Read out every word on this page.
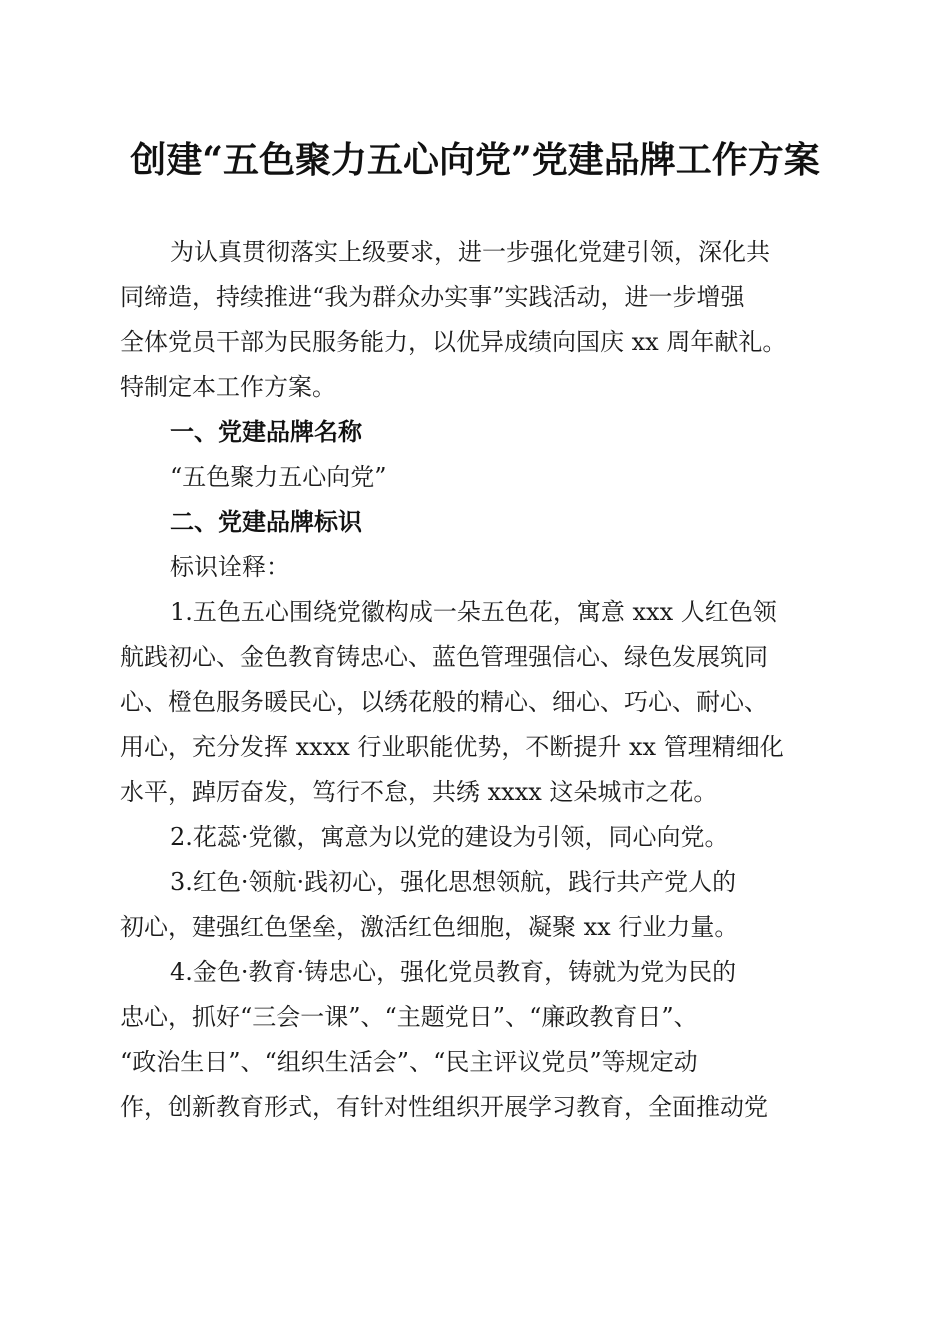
创建“五色聚力五心向党”党建品牌工作方案
为认真贯彻落实上级要求，进一步强化党建引领，深化共
同缔造，持续推进“我为群众办实事”实践活动，进一步增强
全体党员干部为民服务能力，以优异成绩向国庆 xx 周年献礼。
特制定本工作方案。
一、党建品牌名称
“五色聚力五心向党”
二、党建品牌标识
标识诠释：
1.五色五心围绕党徽构成一朵五色花，寓意 xxx 人红色领
航践初心、金色教育铸忠心、蓝色管理强信心、绿色发展筑同
心、橙色服务暖民心，以绣花般的精心、细心、巧心、耐心、
用心，充分发挥 xxxx 行业职能优势，不断提升 xx 管理精细化
水平，踔厉奋发，笃行不怠，共绣 xxxx 这朵城市之花。
2.花蕊·党徽，寓意为以党的建设为引领，同心向党。
3.红色·领航·践初心，强化思想领航，践行共产党人的
初心，建强红色堡垒，激活红色细胞，凝聚 xx 行业力量。
4.金色·教育·铸忠心，强化党员教育，铸就为党为民的
忠心，抓好“三会一课”、“主题党日”、“廉政教育日”、
“政治生日”、“组织生活会”、“民主评议党员”等规定动
作，创新教育形式，有针对性组织开展学习教育，全面推动党
